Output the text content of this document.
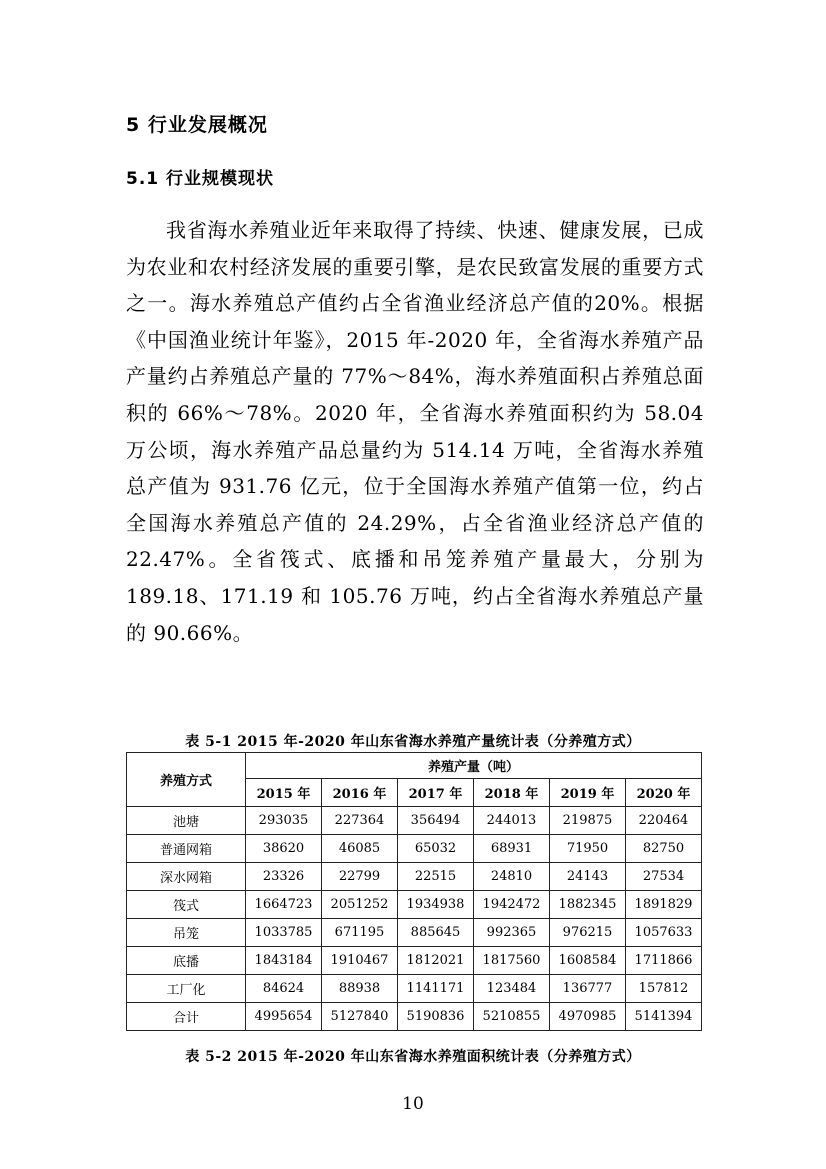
5 行业发展概况
5.1 行业规模现状

我省海水养殖业近年来取得了持续、快速、健康发展，已成为农业和农村经济发展的重要引擎，是农民致富发展的重要方式之一。海水养殖总产值约占全省渔业经济总产值的20%。根据《中国渔业统计年鉴》，2015 年-2020 年，全省海水养殖产品产量约占养殖总产量的 77%～84%，海水养殖面积占养殖总面积的 66%～78%。2020 年，全省海水养殖面积约为 58.04 万公顷，海水养殖产品总量约为 514.14 万吨，全省海水养殖总产值为 931.76 亿元，位于全国海水养殖产值第一位，约占全国海水养殖总产值的 24.29%，占全省渔业经济总产值的 22.47%。全省筏式、底播和吊笼养殖产量最大，分别为 189.18、171.19 和 105.76 万吨，约占全省海水养殖总产量的 90.66%。

表 5-1 2015 年-2020 年山东省海水养殖产量统计表（分养殖方式）
养殖方式	养殖产量（吨）					
	2015 年	2016 年	2017 年	2018 年	2019 年	2020 年
池塘	293035	227364	356494	244013	219875	220464
普通网箱	38620	46085	65032	68931	71950	82750
深水网箱	23326	22799	22515	24810	24143	27534
筏式	1664723	2051252	1934938	1942472	1882345	1891829
吊笼	1033785	671195	885645	992365	976215	1057633
底播	1843184	1910467	1812021	1817560	1608584	1711866
工厂化	84624	88938	1141171	123484	136777	157812
合计	4995654	5127840	5190836	5210855	4970985	5141394
表 5-2 2015 年-2020 年山东省海水养殖面积统计表（分养殖方式）
10
